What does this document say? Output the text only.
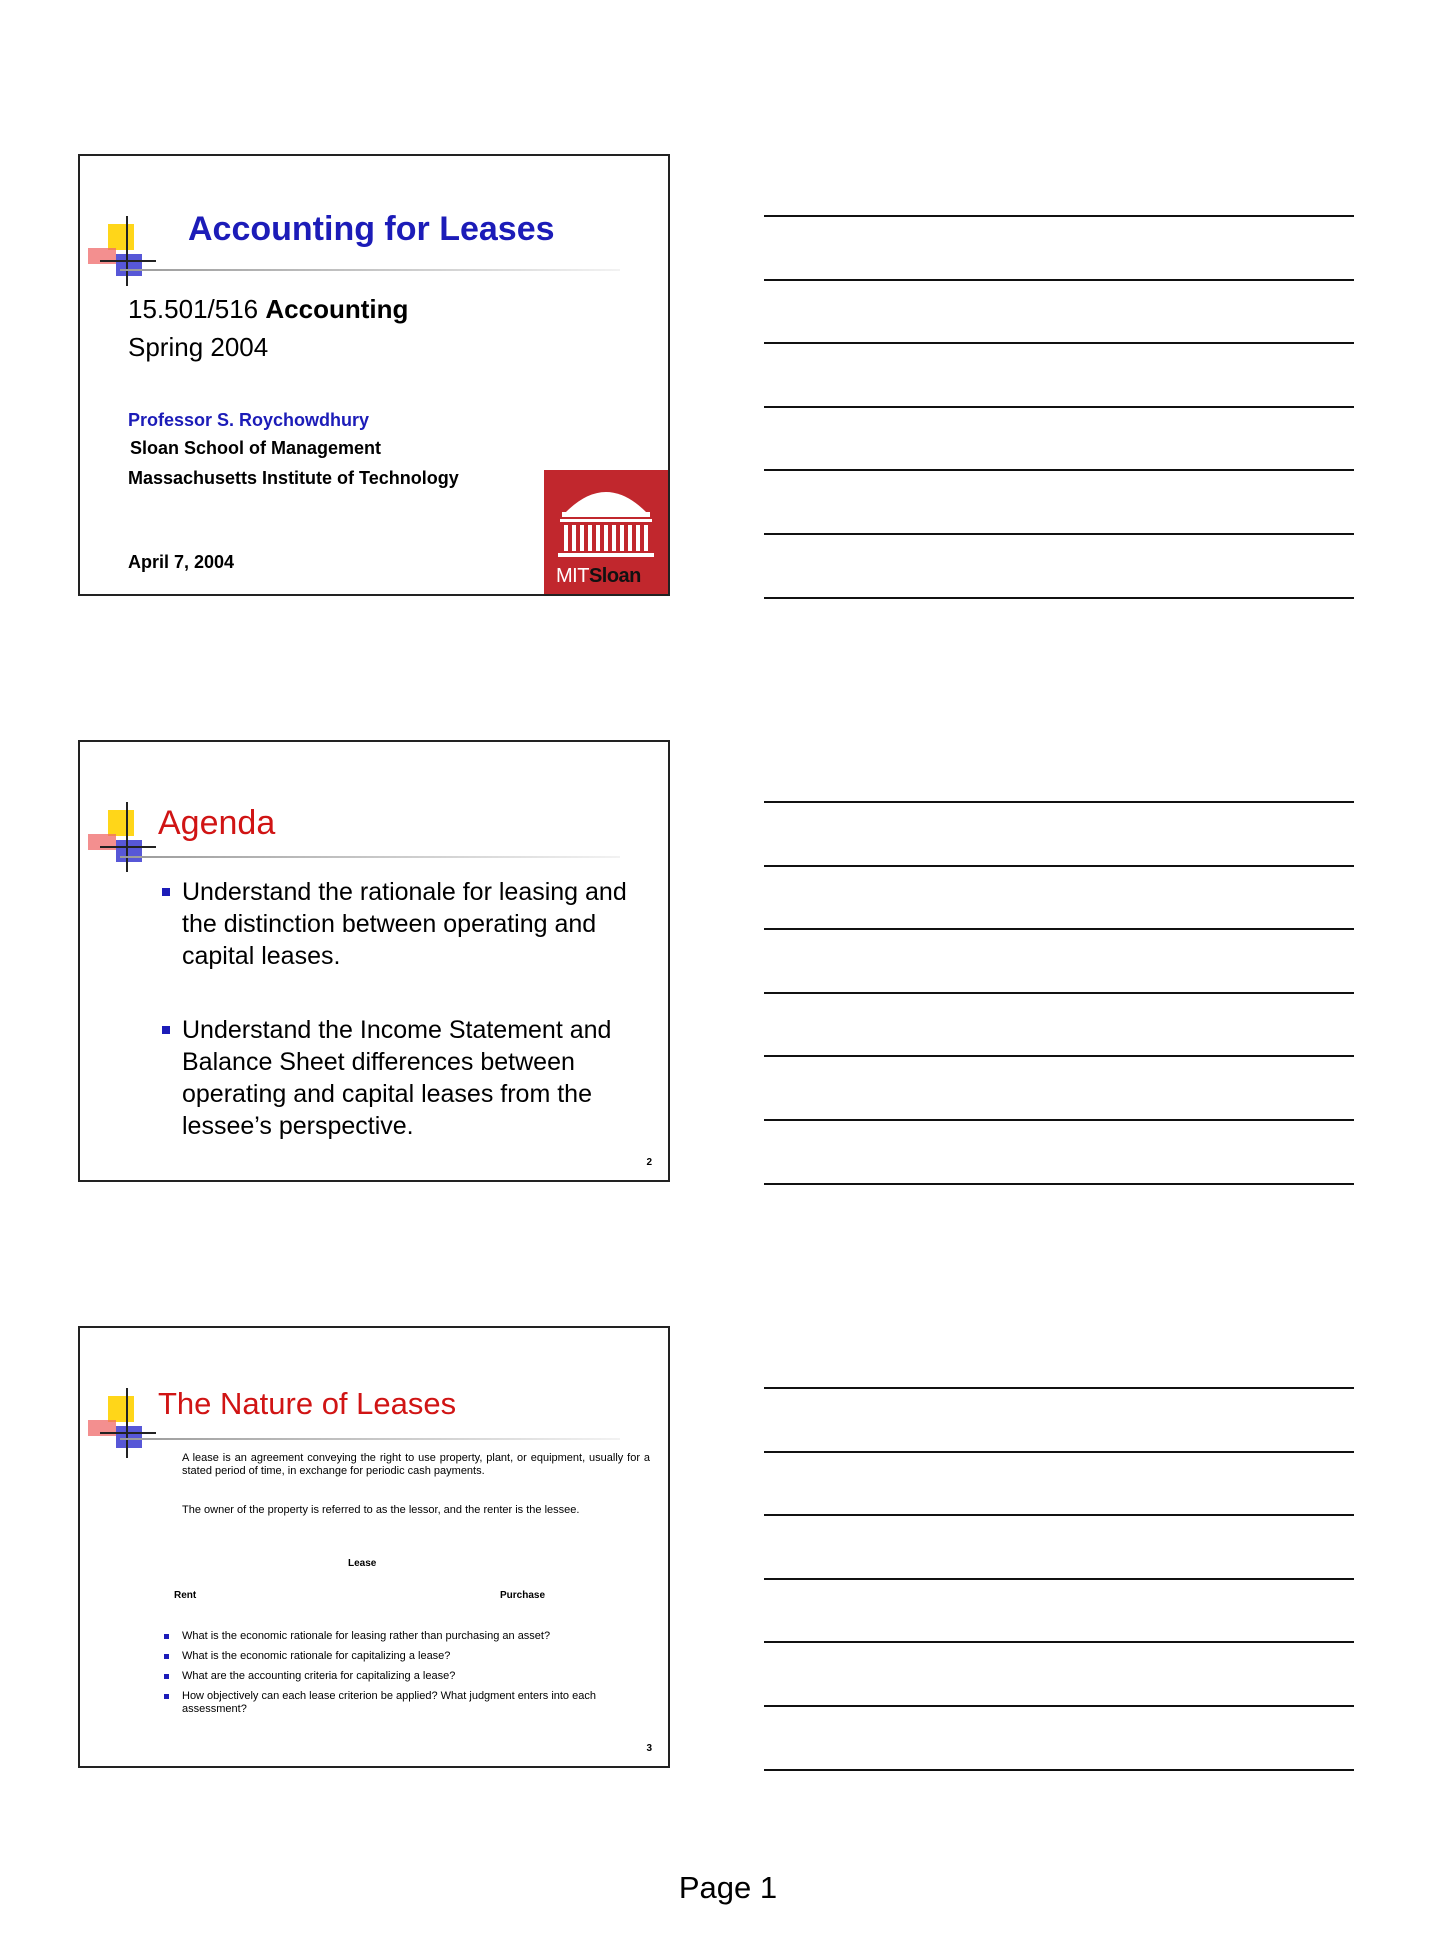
Accounting for Leases
15.501/516 Accounting
Spring 2004
Professor S. Roychowdhury
Sloan School of Management
Massachusetts Institute of Technology
April 7, 2004
MITSloan
Agenda
Understand the rationale for leasing and the distinction between operating and capital leases.
Understand the Income Statement and Balance Sheet differences between operating and capital leases from the lessee’s perspective.
2
The Nature of Leases
A lease is an agreement conveying the right to use property, plant, or equipment, usually for a stated period of time, in exchange for periodic cash payments.
The owner of the property is referred to as the lessor, and the renter is the lessee.
Lease
Rent	Purchase
What is the economic rationale for leasing rather than purchasing an asset?
What is the economic rationale for capitalizing a lease?
What are the accounting criteria for capitalizing a lease?
How objectively can each lease criterion be applied? What judgment enters into each assessment?
3
Page 1
